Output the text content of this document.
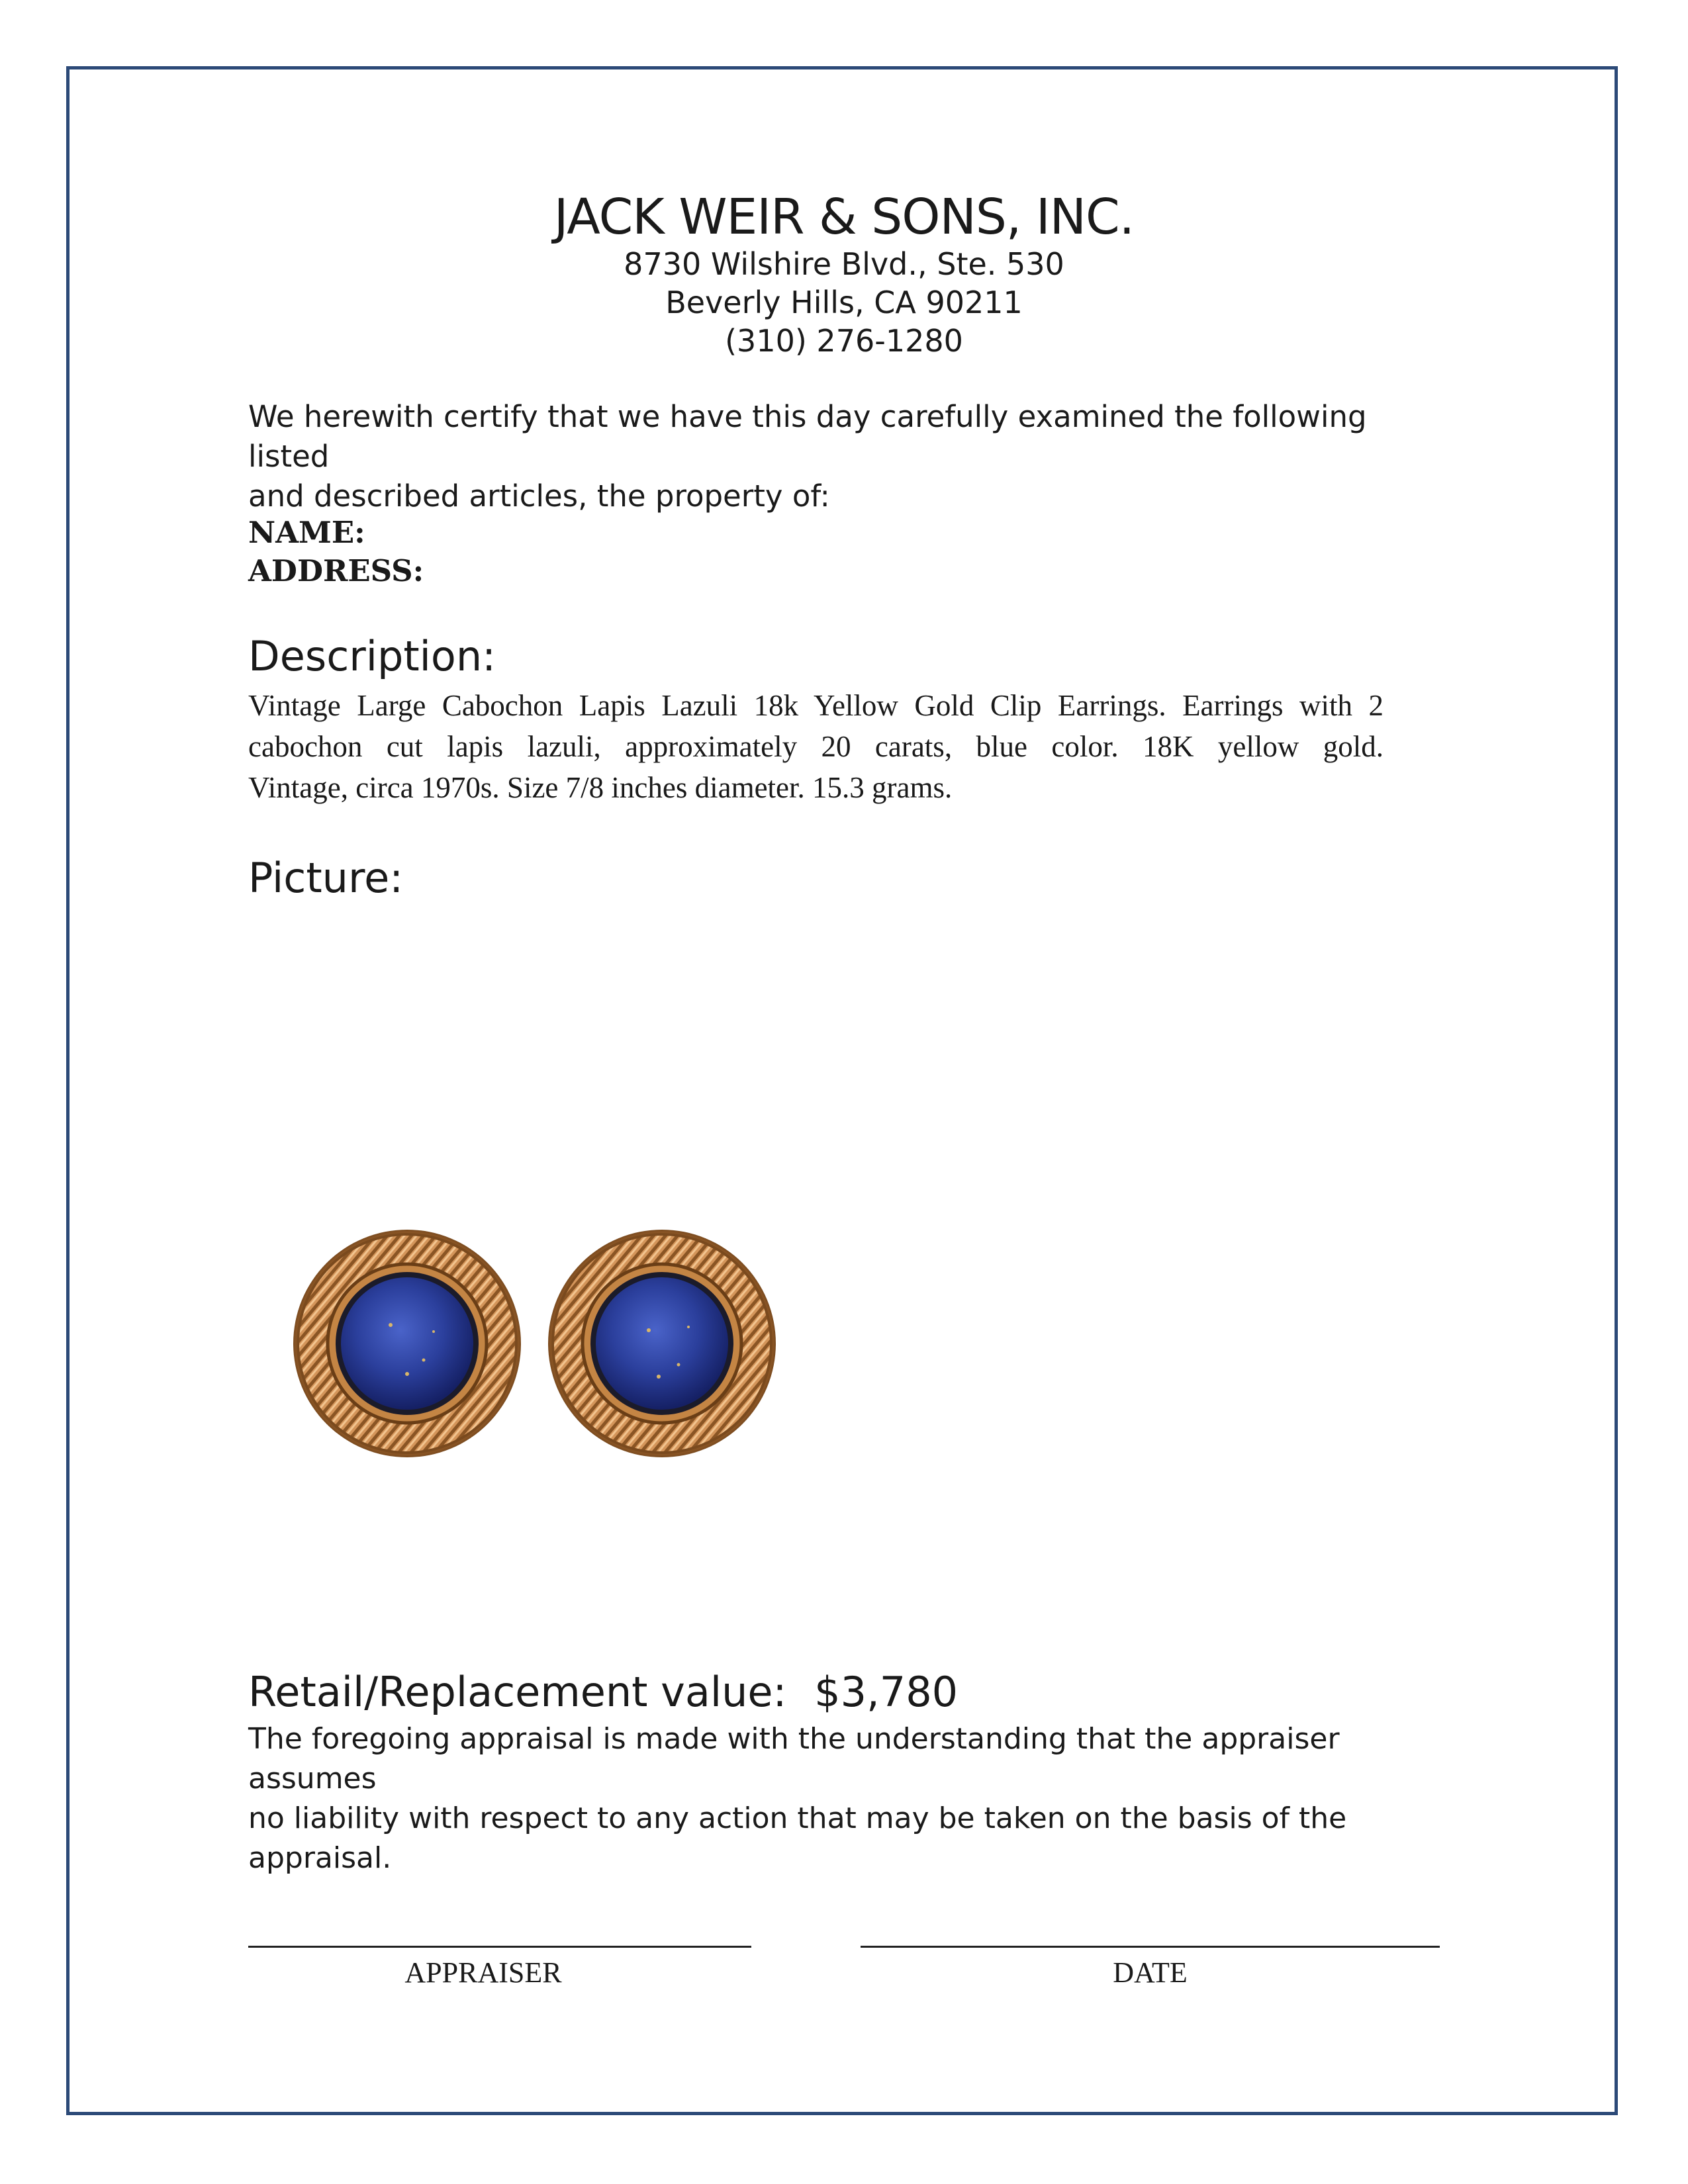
JACK WEIR & SONS, INC.
8730 Wilshire Blvd., Ste. 530
Beverly Hills, CA 90211
(310) 276-1280
We herewith certify that we have this day carefully examined the following listed
and described articles, the property of:
NAME:
ADDRESS:
Description:
Vintage Large Cabochon Lapis Lazuli 18k Yellow Gold Clip Earrings. Earrings with 2
cabochon cut lapis lazuli, approximately 20 carats, blue color. 18K yellow gold.
Vintage, circa 1970s. Size 7/8 inches diameter. 15.3 grams.
Picture:
Retail/Replacement value: $3,780
The foregoing appraisal is made with the understanding that the appraiser assumes
no liability with respect to any action that may be taken on the basis of the appraisal.
APPRAISER	DATE
